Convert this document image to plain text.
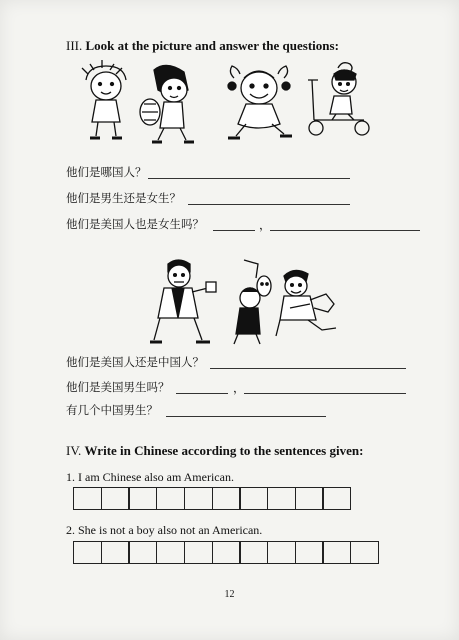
III. Look at the picture and answer the questions:
他们是哪国人？
他们是男生还是女生？
他们是美国人也是女生吗？	，
他们是美国人还是中国人？
他们是美国男生吗？	，
有几个中国男生？
IV. Write in Chinese according to the sentences given:
1. I am Chinese also am American.
2. She is not a boy also not an American.
12
